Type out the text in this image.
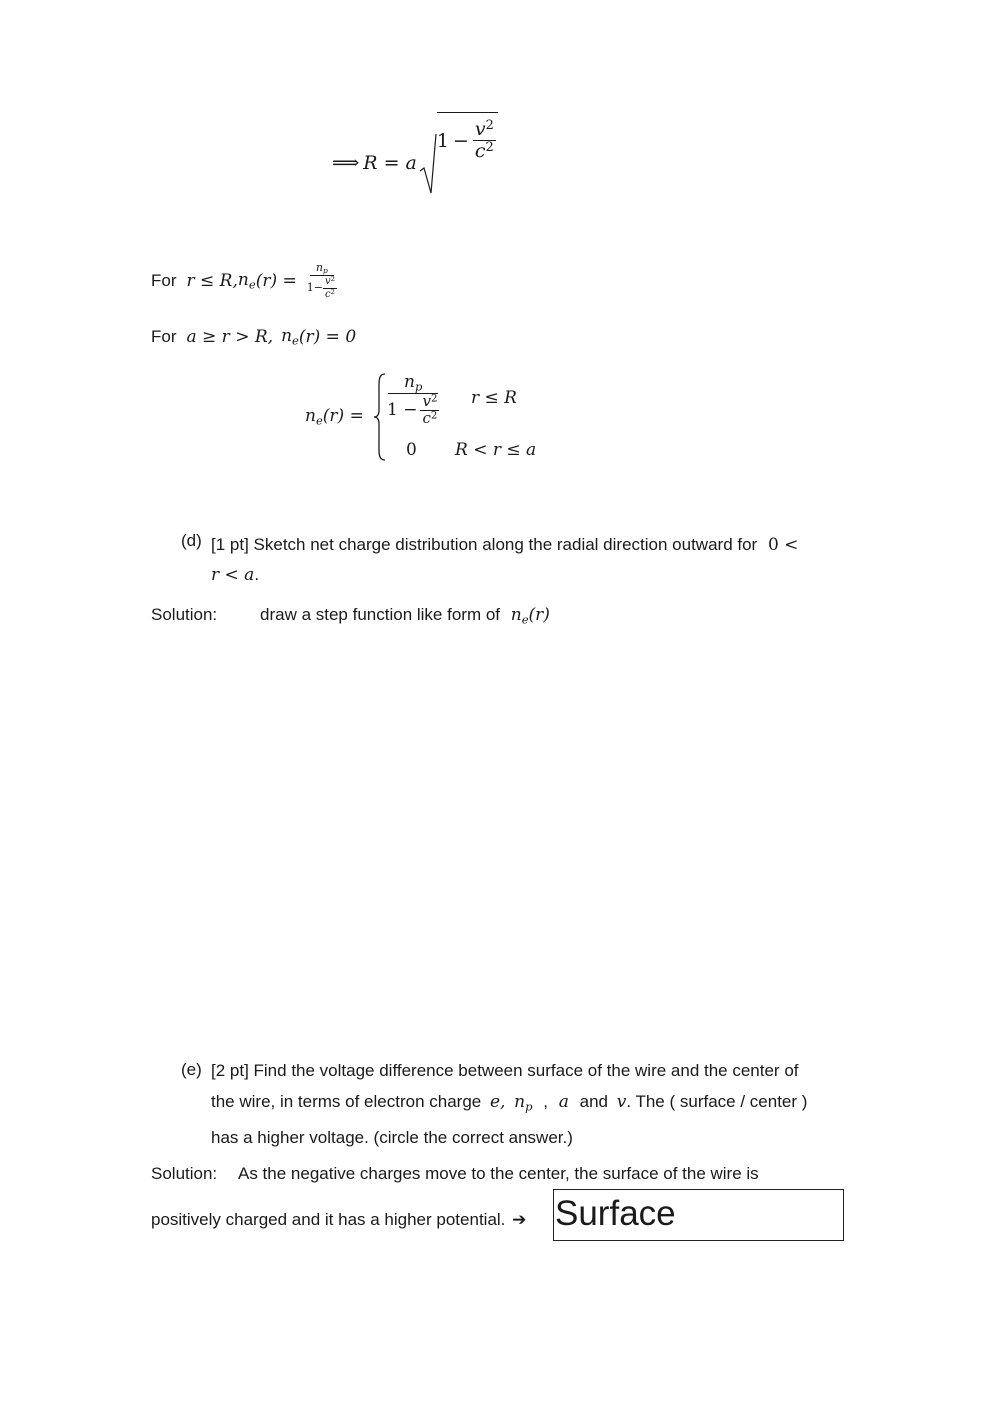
⟹ R = a
$1 - \frac{v^2}{c^2}$
For r ≤ R, $n_e$ $(r) = \frac{n_p}{1- \frac{v^2}{c^2}}$
For a ≥ r > R, $n_e$ (r) = 0
$n_e(r) = \frac{n_p}{1 - \frac{v^2}{c^2}}$ r ≤ R
0 R < r ≤ a
(d) [1 pt] Sketch net charge distribution along the radial direction outward for 0 <
r < a.
Solution:	draw a step function like form of $n_e(r)$
(e) [2 pt] Find the voltage difference between surface of the wire and the center of
the wire, in terms of electron charge e, $n_p$ , a and v. The ( surface / center )
has a higher voltage. (circle the correct answer.)
Solution: As the negative charges move to the center, the surface of the wire is
positively charged and it has a higher potential. ➔ Surface
